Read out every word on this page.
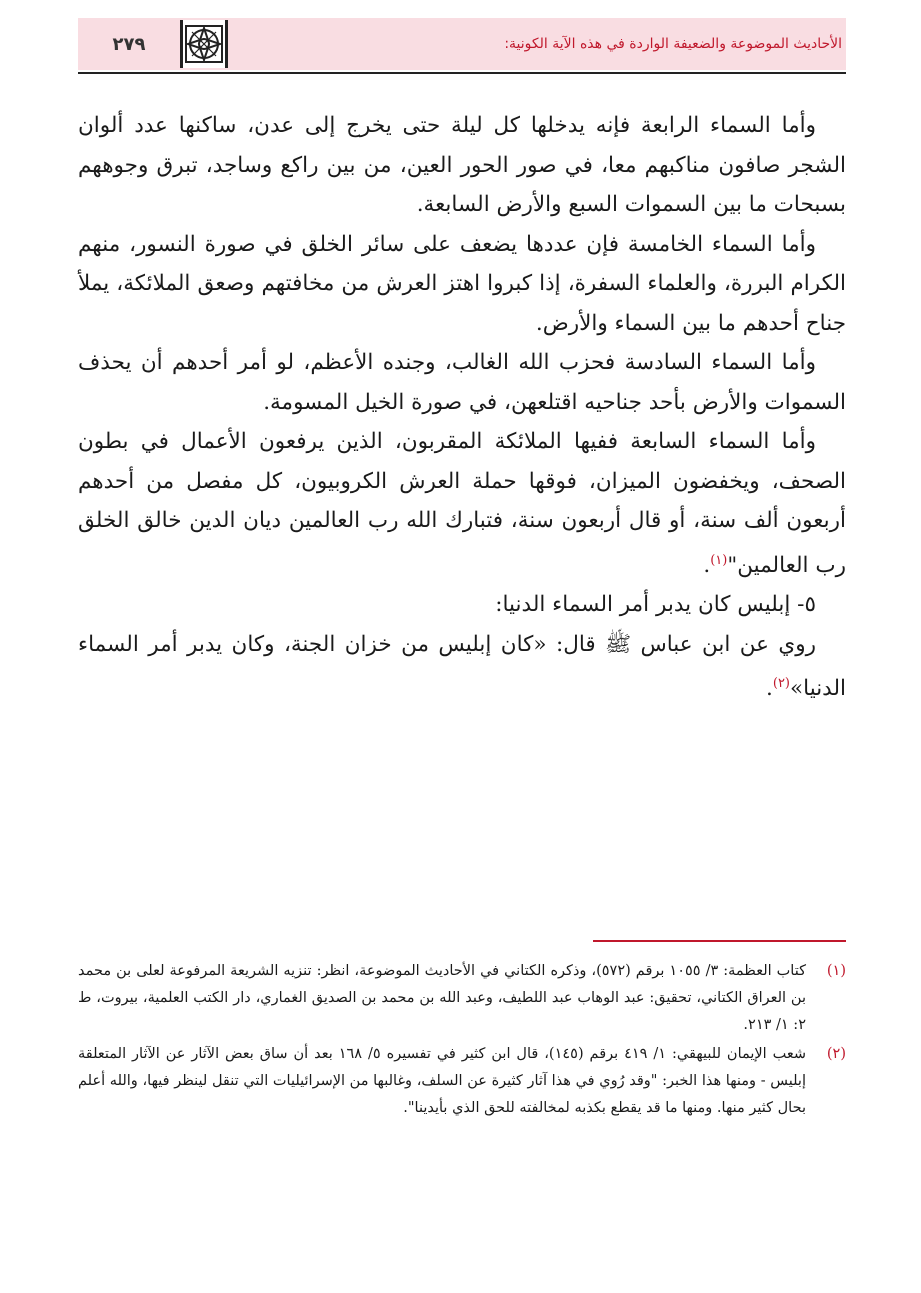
٢٧٩	الأحاديث الموضوعة والضعيفة الواردة في هذه الآية الكونية:

وأما السماء الرابعة فإنه يدخلها كل ليلة حتى يخرج إلى عدن، ساكنها عدد ألوان الشجر صافون مناكبهم معا، في صور الحور العين، من بين راكع وساجد، تبرق وجوههم بسبحات ما بين السموات السبع والأرض السابعة.

وأما السماء الخامسة فإن عددها يضعف على سائر الخلق في صورة النسور، منهم الكرام البررة، والعلماء السفرة، إذا كبروا اهتز العرش من مخافتهم وصعق الملائكة، يملأ جناح أحدهم ما بين السماء والأرض.

وأما السماء السادسة فحزب الله الغالب، وجنده الأعظم، لو أمر أحدهم أن يحذف السموات والأرض بأحد جناحيه اقتلعهن، في صورة الخيل المسومة.

وأما السماء السابعة ففيها الملائكة المقربون، الذين يرفعون الأعمال في بطون الصحف، ويخفضون الميزان، فوقها حملة العرش الكروبيون، كل مفصل من أحدهم أربعون ألف سنة، أو قال أربعون سنة، فتبارك الله رب العالمين ديان الدين خالق الخلق رب العالمين"$^{(١)}$.

٥- إبليس كان يدبر أمر السماء الدنيا:

روي عن ابن عباس ﷺ قال: «كان إبليس من خزان الجنة، وكان يدبر أمر السماء الدنيا»$^{(٢)}$.

(١)
كتاب العظمة: ٣/ ١٠٥٥ برقم (٥٧٢)، وذكره الكتاني في الأحاديث الموضوعة، انظر: تنزيه الشريعة المرفوعة لعلى بن محمد بن العراق الكتاني، تحقيق: عبد الوهاب عبد اللطيف، وعبد الله بن محمد بن الصديق الغماري، دار الكتب العلمية، بيروت، ط ٢: ١/ ٢١٣.
(٢)
شعب الإيمان للبيهقي: ١/ ٤١٩ برقم (١٤٥)، قال ابن كثير في تفسيره ٥/ ١٦٨ بعد أن ساق بعض الآثار عن الآثار المتعلقة إبليس - ومنها هذا الخبر: "وقد رُوي في هذا آثار كثيرة عن السلف، وغالبها من الإسرائيليات التي تنقل لينظر فيها، والله أعلم بحال كثير منها. ومنها ما قد يقطع بكذبه لمخالفته للحق الذي بأيدينا".
